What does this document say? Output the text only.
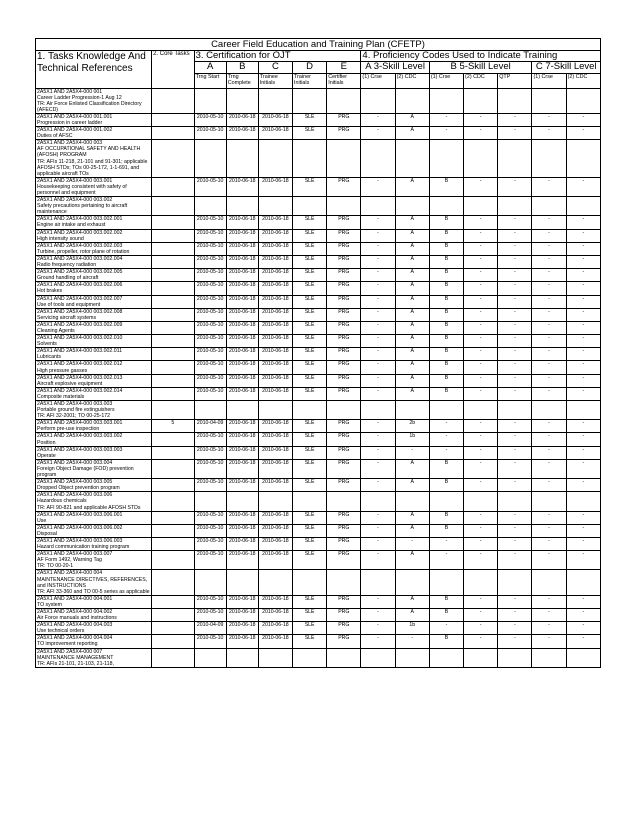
Career Field Education and Training Plan (CFETP)													
1. Tasks Knowledge And Technical References	2. Core Tasks	3. Certification for OJT					4. Proficiency Codes Used to Indicate Training						
		A	B	C	D	E	A 3-Skill Level		B 5-Skill Level			C 7-Skill Level	
		Trng Start	Trng Complete	Trainee Initials	Trainer Initials	Certifier Initials	(1) Crse	(2) CDC	(1) Crse	(2) CDC	QTP	(1) Crse	(2) CDC
2A5X1 AND 2A5X4-000 001
Career Ladder Progression-1 Aug 12
TR: Air Force Enlisted Classification Directory (AFECD)													
2A5X1 AND 2A5X4-000 001.001
Progression in career ladder		2010-05-10	2010-06-18	2010-06-18	SLE	PRG	-	A	-	-	-	-	-
2A5X1 AND 2A5X4-000 001.002
Duties of AFSC		2010-05-10	2010-06-18	2010-06-18	SLE	PRG	-	A	-	-	-	-	-
2A5X1 AND 2A5X4-000 003
AF OCCUPATIONAL SAFETY AND HEALTH (AFOSH) PROGRAM
TR: AFIs 11-218, 21-101 and 91-301; applicable AFOSH STDs; TOs 00-25-172, 1-1-691, and applicable aircraft TOs													
2A5X1 AND 2A5X4-000 003.001
Housekeeping consistent with safety of personnel and equipment		2010-05-10	2010-06-18	2010-06-18	SLE	PRG	-	A	B	-	-	-	-
2A5X1 AND 2A5X4-000 003.002
Safety precautions pertaining to aircraft maintenance													
2A5X1 AND 2A5X4-000 003.002.001
Engine air intake and exhaust		2010-05-10	2010-06-18	2010-06-18	SLE	PRG	-	A	B	-	-	-	-
2A5X1 AND 2A5X4-000 003.002.002
High intensity sound		2010-05-10	2010-06-18	2010-06-18	SLE	PRG	-	A	B	-	-	-	-
2A5X1 AND 2A5X4-000 003.002.003
Turbine, propeller, rotor plane of rotation		2010-05-10	2010-06-18	2010-06-18	SLE	PRG	-	A	B	-	-	-	-
2A5X1 AND 2A5X4-000 003.002.004
Radio frequency radiation		2010-05-10	2010-06-18	2010-06-18	SLE	PRG	-	A	B	-	-	-	-
2A5X1 AND 2A5X4-000 003.002.005
Ground handling of aircraft		2010-05-10	2010-06-18	2010-06-18	SLE	PRG	-	A	B	-	-	-	-
2A5X1 AND 2A5X4-000 003.002.006
Hot brakes		2010-05-10	2010-06-18	2010-06-18	SLE	PRG	-	A	B	-	-	-	-
2A5X1 AND 2A5X4-000 003.002.007
Use of tools and equipment		2010-05-10	2010-06-18	2010-06-18	SLE	PRG	-	A	B	-	-	-	-
2A5X1 AND 2A5X4-000 003.002.008
Servicing aircraft systems		2010-05-10	2010-06-18	2010-06-18	SLE	PRG	-	A	B	-	-	-	-
2A5X1 AND 2A5X4-000 003.002.009
Cleaning Agents		2010-05-10	2010-06-18	2010-06-18	SLE	PRG	-	A	B	-	-	-	-
2A5X1 AND 2A5X4-000 003.002.010
Solvents		2010-05-10	2010-06-18	2010-06-18	SLE	PRG	-	A	B	-	-	-	-
2A5X1 AND 2A5X4-000 003.002.011
Lubricants		2010-05-10	2010-06-18	2010-06-18	SLE	PRG	-	A	B	-	-	-	-
2A5X1 AND 2A5X4-000 003.002.012
High pressure gasses		2010-05-10	2010-06-18	2010-06-18	SLE	PRG	-	A	B	-	-	-	-
2A5X1 AND 2A5X4-000 003.002.013
Aircraft explosive equipment		2010-05-10	2010-06-18	2010-06-18	SLE	PRG	-	A	B	-	-	-	-
2A5X1 AND 2A5X4-000 003.002.014
Composite materials		2010-05-10	2010-06-18	2010-06-18	SLE	PRG	-	A	B	-	-	-	-
2A5X1 AND 2A5X4-000 003.003
Portable ground fire extinguishers
TR: AFI 32-2001; TO 00-25-172													
2A5X1 AND 2A5X4-000 003.003.001
Perform pre-use inspection	5	2010-04-09	2010-06-18	2010-06-18	SLE	PRG	-	2b	-	-	-	-	-
2A5X1 AND 2A5X4-000 003.003.002
Position		2010-05-10	2010-06-18	2010-06-18	SLE	PRG	-	1b	-	-	-	-	-
2A5X1 AND 2A5X4-000 003.003.003
Operate		2010-05-10	2010-06-18	2010-06-18	SLE	PRG	-	-	-	-	-	-	-
2A5X1 AND 2A5X4-000 003.004
Foreign Object Damage (FOD) prevention program		2010-05-10	2010-06-18	2010-06-18	SLE	PRG	-	A	B	-	-	-	-
2A5X1 AND 2A5X4-000 003.005
Dropped Object prevention program		2010-05-10	2010-06-18	2010-06-18	SLE	PRG	-	A	B	-	-	-	-
2A5X1 AND 2A5X4-000 003.006
Hazardous chemicals
TR: AFI 90-821 and applicable AFOSH STDs													
2A5X1 AND 2A5X4-000 003.006.001
Use		2010-05-10	2010-06-18	2010-06-18	SLE	PRG	-	A	B	-	-	-	-
2A5X1 AND 2A5X4-000 003.006.002
Disposal		2010-05-10	2010-06-18	2010-06-18	SLE	PRG	-	A	B	-	-	-	-
2A5X1 AND 2A5X4-000 003.006.003
Hazard communication training program		2010-05-10	2010-06-18	2010-06-18	SLE	PRG	-	-	-	-	-	-	-
2A5X1 AND 2A5X4-000 003.007
AF Form 1492, Warning Tag
TR: TO 00-20-1		2010-05-10	2010-06-18	2010-06-18	SLE	PRG	-	A	-	-	-	-	-
2A5X1 AND 2A5X4-000 004
MAINTENANCE DIRECTIVES, REFERENCES, and INSTRUCTIONS
TR: AFI 33-360 and TO 00-5 series as applicable													
2A5X1 AND 2A5X4-000 004.001
TO system		2010-05-10	2010-06-18	2010-06-18	SLE	PRG	-	A	B	-	-	-	-
2A5X1 AND 2A5X4-000 004.002
Air Force manuals and instructions		2010-05-10	2010-06-18	2010-06-18	SLE	PRG	-	A	B	-	-	-	-
2A5X1 AND 2A5X4-000 004.003
Use technical orders		2010-04-09	2010-06-18	2010-06-18	SLE	PRG	-	1b	-	-	-	-	-
2A5X1 AND 2A5X4-000 004.004
TO improvement reporting		2010-05-10	2010-06-18	2010-06-18	SLE	PRG	-	-	B	-	-	-	-
2A5X1 AND 2A5X4-000 007
MAINTENANCE MANAGEMENT
TR: AFIs 21-101, 21-103, 21-118,													
